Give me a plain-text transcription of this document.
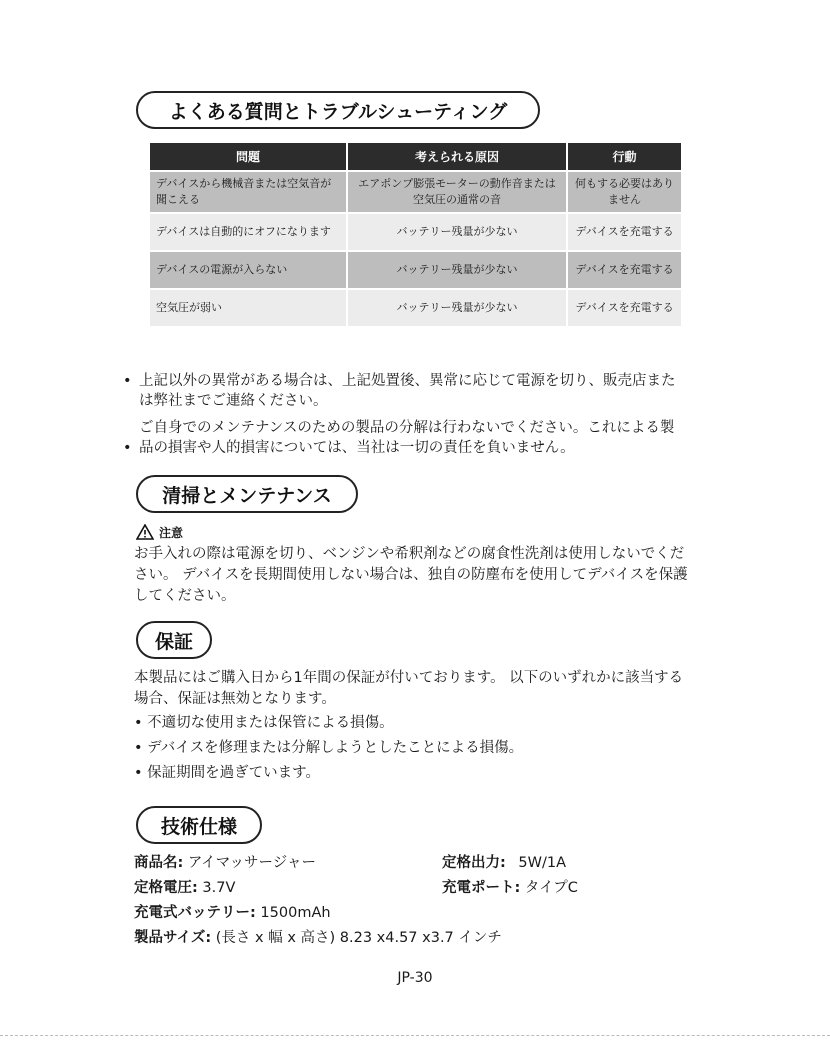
よくある質問とトラブルシューティング
問題	考えられる原因	行動
デバイスから機械音または空気音が聞こえる	エアポンプ膨張モーターの動作音または空気圧の通常の音	何もする必要はありません
デバイスは自動的にオフになります	バッテリー残量が少ない	デバイスを充電する
デバイスの電源が入らない	バッテリー残量が少ない	デバイスを充電する
空気圧が弱い	バッテリー残量が少ない	デバイスを充電する
• 上記以外の異常がある場合は、上記処置後、異常に応じて電源を切り、販売店または弊社までご連絡ください。
•
ご自身でのメンテナンスのための製品の分解は行わないでください。これによる製品の損害や人的損害については、当社は一切の責任を負いません。
清掃とメンテナンス
注意
お手入れの際は電源を切り、ベンジンや希釈剤などの腐食性洗剤は使用しないでください。 デバイスを長期間使用しない場合は、独自の防塵布を使用してデバイスを保護してください。
保証
本製品にはご購入日から1年間の保証が付いております。 以下のいずれかに該当する場合、保証は無効となります。
• 不適切な使用または保管による損傷。
• デバイスを修理または分解しようとしたことによる損傷。
• 保証期間を過ぎています。
技術仕様
商品名: アイマッサージャー	定格出力: 5W/1A
定格電圧: 3.7V	充電ポート: タイプC
充電式バッテリー: 1500mAh
製品サイズ: (長さ x 幅 x 高さ) 8.23 x4.57 x3.7 インチ
JP-30
